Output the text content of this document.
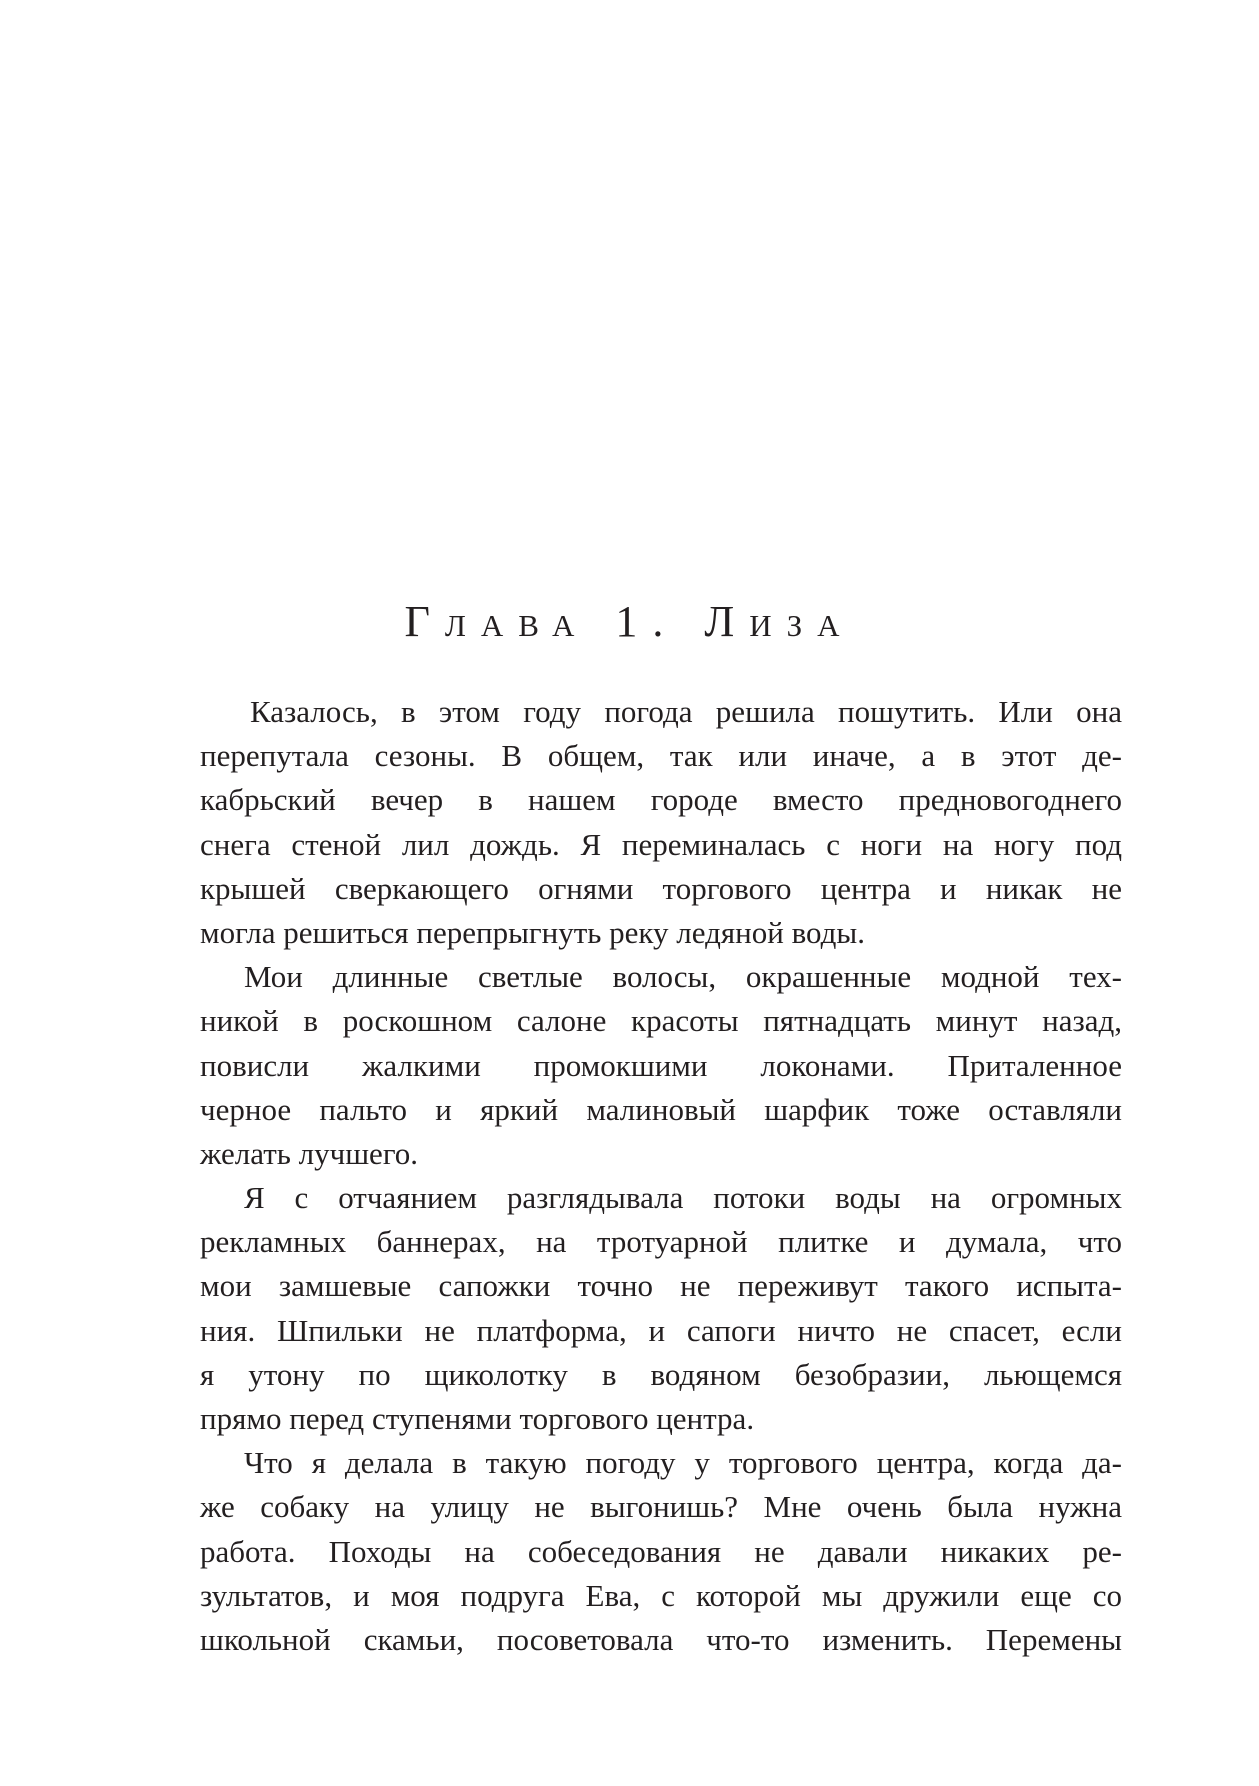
Глава 1. Лиза

Казалось, в этом году погода решила пошутить. Или она
перепутала сезоны. В общем, так или иначе, а в этот де-
кабрьский вечер в нашем городе вместо предновогоднего
снега стеной лил дождь. Я переминалась с ноги на ногу под
крышей сверкающего огнями торгового центра и никак не
могла решиться перепрыгнуть реку ледяной воды.

Мои длинные светлые волосы, окрашенные модной тех-
никой в роскошном салоне красоты пятнадцать минут назад,
повисли жалкими промокшими локонами. Приталенное
черное пальто и яркий малиновый шарфик тоже оставляли
желать лучшего.

Я с отчаянием разглядывала потоки воды на огромных
рекламных баннерах, на тротуарной плитке и думала, что
мои замшевые сапожки точно не переживут такого испыта-
ния. Шпильки не платформа, и сапоги ничто не спасет, если
я утону по щиколотку в водяном безобразии, льющемся
прямо перед ступенями торгового центра.

Что я делала в такую погоду у торгового центра, когда да-
же собаку на улицу не выгонишь? Мне очень была нужна
работа. Походы на собеседования не давали никаких ре-
зультатов, и моя подруга Ева, с которой мы дружили еще со
школьной скамьи, посоветовала что-то изменить. Перемены
